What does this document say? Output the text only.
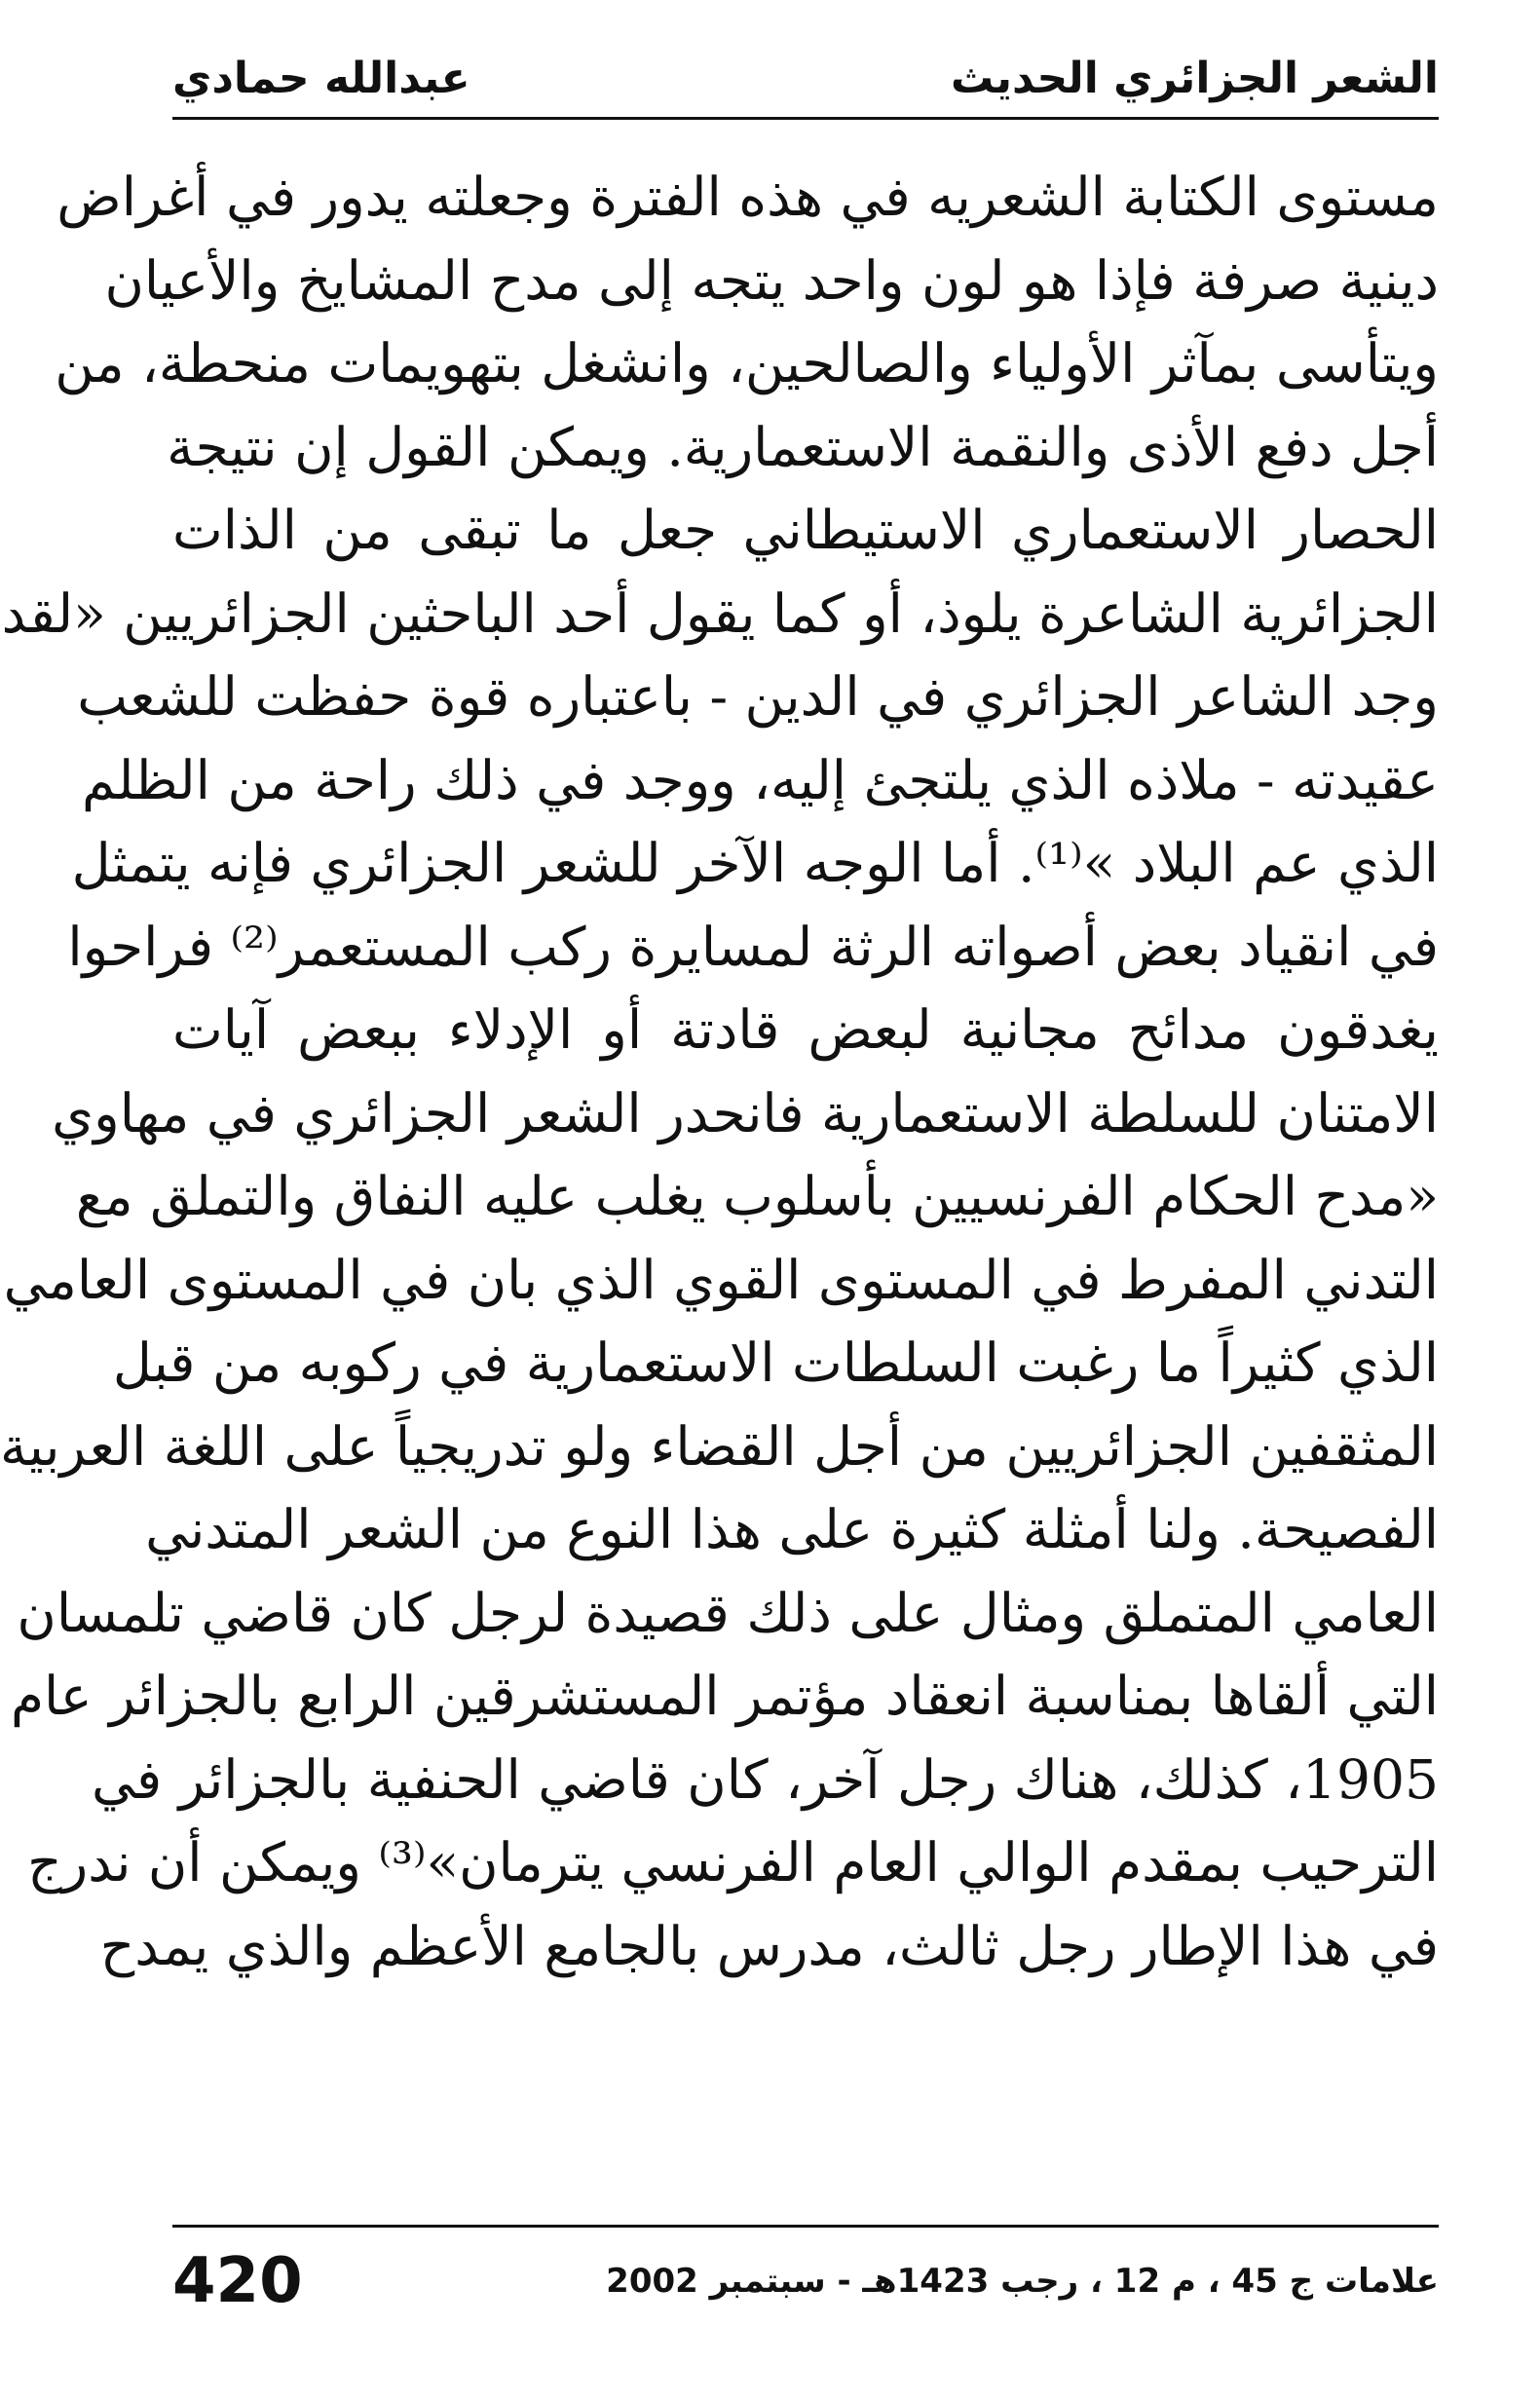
الشعر الجزائري الحديث
عبدالله حمادي
مستوى الكتابة الشعريه في هذه الفترة وجعلته يدور في أغراض
دينية صرفة فإذا هو لون واحد يتجه إلى مدح المشايخ والأعيان
ويتأسى بمآثر الأولياء والصالحين، وانشغل بتهويمات منحطة، من
أجل دفع الأذى والنقمة الاستعمارية. ويمكن القول إن نتيجة
الحصار الاستعماري الاستيطاني جعل ما تبقى من الذات
الجزائرية الشاعرة يلوذ، أو كما يقول أحد الباحثين الجزائريين «لقد
وجد الشاعر الجزائري في الدين - باعتباره قوة حفظت للشعب
عقيدته - ملاذه الذي يلتجئ إليه، ووجد في ذلك راحة من الظلم
الذي عم البلاد »⁽¹⁾. أما الوجه الآخر للشعر الجزائري فإنه يتمثل
في انقياد بعض أصواته الرثة لمسايرة ركب المستعمر⁽²⁾ فراحوا
يغدقون مدائح مجانية لبعض قادتة أو الإدلاء ببعض آيات
الامتنان للسلطة الاستعمارية فانحدر الشعر الجزائري في مهاوي
«مدح الحكام الفرنسيين بأسلوب يغلب عليه النفاق والتملق مع
التدني المفرط في المستوى القوي الذي بان في المستوى العامي
الذي كثيراً ما رغبت السلطات الاستعمارية في ركوبه من قبل
المثقفين الجزائريين من أجل القضاء ولو تدريجياً على اللغة العربية
الفصيحة. ولنا أمثلة كثيرة على هذا النوع من الشعر المتدني
العامي المتملق ومثال على ذلك قصيدة لرجل كان قاضي تلمسان
التي ألقاها بمناسبة انعقاد مؤتمر المستشرقين الرابع بالجزائر عام
1905، كذلك، هناك رجل آخر، كان قاضي الحنفية بالجزائر في
الترحيب بمقدم الوالي العام الفرنسي يترمان»⁽³⁾ ويمكن أن ندرج
في هذا الإطار رجل ثالث، مدرس بالجامع الأعظم والذي يمدح
علامات ج 45 ، م 12 ، رجب 1423هـ - سبتمبر 2002
420
